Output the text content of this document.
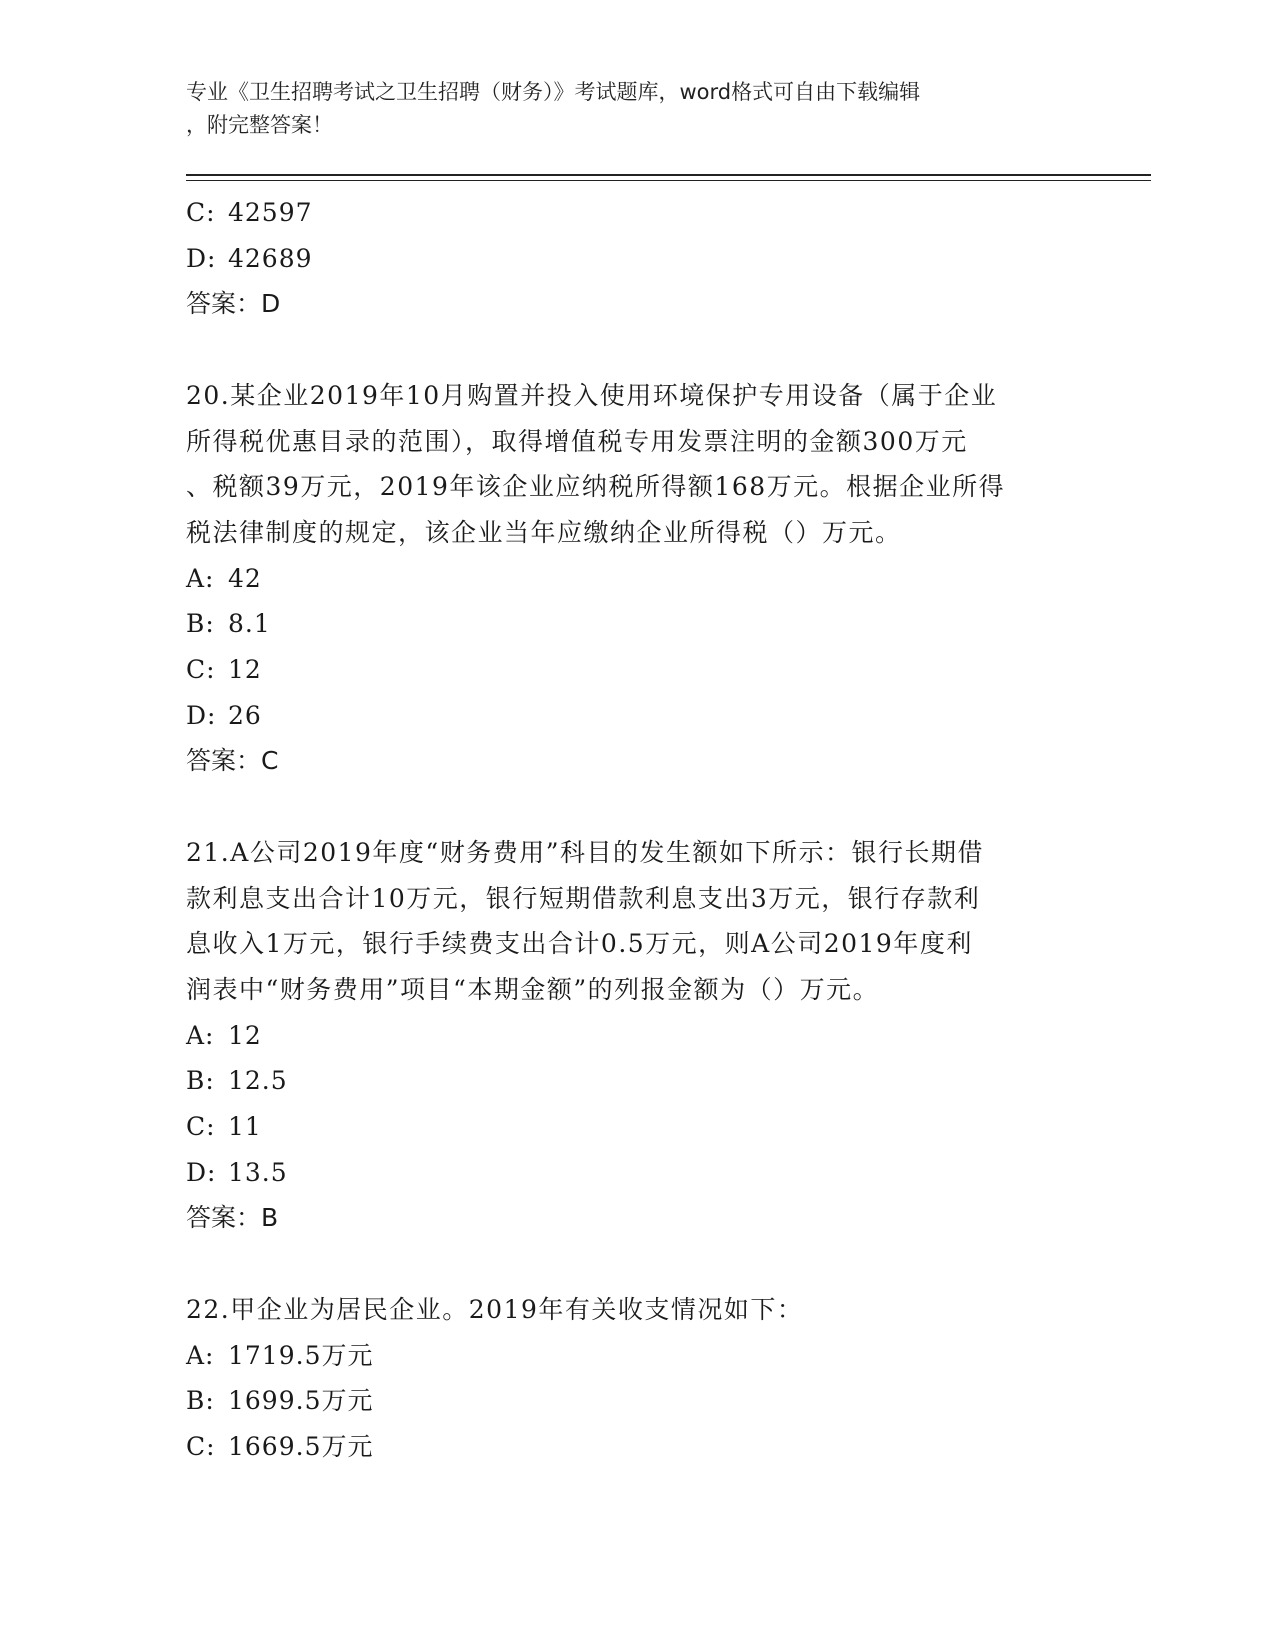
专业《卫生招聘考试之卫生招聘（财务）》考试题库，word格式可自由下载编辑

，附完整答案！
C: 42597
D: 42689
答案：D
20.某企业2019年10月购置并投入使用环境保护专用设备（属于企业
所得税优惠目录的范围），取得增值税专用发票注明的金额300万元
、税额39万元，2019年该企业应纳税所得额168万元。根据企业所得
税法律制度的规定，该企业当年应缴纳企业所得税（）万元。
A: 42
B: 8.1
C: 12
D: 26
答案：C
21.A公司2019年度“财务费用”科目的发生额如下所示：银行长期借
款利息支出合计10万元，银行短期借款利息支出3万元，银行存款利
息收入1万元，银行手续费支出合计0.5万元，则A公司2019年度利
润表中“财务费用”项目“本期金额”的列报金额为（）万元。
A: 12
B: 12.5
C: 11
D: 13.5
答案：B
22.甲企业为居民企业。2019年有关收支情况如下：
A: 1719.5万元
B: 1699.5万元
C: 1669.5万元
